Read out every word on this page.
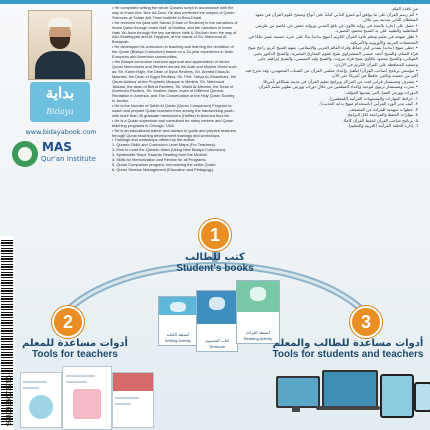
بداية
Bidaya
www.bidayabook.com
MAS
Qur'an Institute

• He completed writing the whole Quranic script in accordance with the way of Imam Abu 'Amr Ad-Dani. He also perfected the subject of Quran Sciences at Sultan Ath-Thani Institute in Beni-Dhaal.

• He received his ijaza with Sanad (Chain of Reciters) in the narrations of Imam Qalun through Imam Nafi' of Madina, and the narration of Imam Hafs 'An Asim through the two narrators Hafs & Shu'bah from the way of Ash-Shatibiyyah and At-Tayyibah, at the hands of Sh. Mahmoud Al Busayrah.

• He developed his curriculum in teaching and learning the recitation of the Quran (Bidaya Curriculum) based on a 15-year experience in Arab, European and American communities.

• His Bidaya curriculum received approval and appreciation of senior Quran Memorizers and Reciters across the Arab and Muslim World such as: Sh. Karim Rajih, the Dean of Syria Reciters, Sh. Ahmed Eissa Al-Masrawi, the Dean of Egypt Reciters, Sh. Prof. Yahya Al-Ghawthani, the Quran Advisor at the Prophetic Mosque in Medina, Sh. Mahmoud 'Akkawi, the dean of Beirut Reciters, Sh. Walid Al-Meneisi, the Dean of America's Reciters, Sh. Ibrahim Jaber, Imam of Different Quranic Recitation in America, and The Conservation of the Holy Quran Society in Jordan.

• He is the founder of Sahib Al Quran (Quran Companion) Program to coach and prepare Quran teachers from among the hardworking youth, with more than 35 graduate memorizers (Huffaz) in America thus far.

• He is a Quran supervisor and consultant for many centers and Quran teaching programs in Chicago, USA.

• He is an educational trainer and advisor to guide and prepare teachers through Quran teaching development trainings and workshops.

• Trainings and workshops offered by the author:

1. Quranic Skills and Curriculum Level Maps (For Teachers).

2. How to Lead the Quranic Ward (Using New Bidaya Curriculum).

3. Systematic Steps Towards Reading from the Mushaf.

4. Skills for Memorization and Review for all Programs.

5. Quran Companion program- memorizing the entire Quran.

6. Quran Session Management (Education and Pedagogy).

من نافذة القلم.

• أتم رسم القرآن على ما يوافق أبو عمرو الداني كتابةً على أنواع وصحح علوم القرآن في معهد السلطان الثاني بمدينة بني ملال.

• حصل على إجازة بالسند في رواية قالون عن نافع المدني ورواية حفص عن عاصم من طريقي الشاطبية والطيبة على يد الشيخ محمود البصيرة.

• طوّر منهجه في تعليم وتعلم تلاوة القرآن الكريم (منهج بداية) بناءً على خبرة خمسة عشر عامًا في المجتمعات العربية والأوروبية والأمريكية.

• حظي منهج (بداية) بتقدير كبار حفاظ وقراء العالم العربي والإسلامي، منهم الشيخ كريم راجح شيخ قراء الشام، والشيخ أحمد عيسى المعصراوي شيخ عموم المقارئ المصرية، والشيخ الدكتور يحيى الغوثاني، والشيخ محمود عكاوي شيخ قراء بيروت، والشيخ وليد المنيسي، والشيخ إبراهيم جابر، وجمعية المحافظة على القرآن الكريم في الأردن.

• مؤسس برنامج (صاحب القرآن) لتأهيل وإعداد معلمي القرآن من الشباب المجتهدين، وقد تخرج فيه أكثر من خمسة وثلاثين حافظًا في أمريكا حتى الآن.

• مشرف ومستشار قرآني لعدد من المراكز وبرامج تعليم القرآن في مدينة شيكاغو بأمريكا.

• مدرب ومستشار تربوي لتوجيه وإعداد المعلمين من خلال دورات وورش تطوير تعليم القرآن.

الدورات وورش العمل التي يقدمها المؤلف:

١. خرائط المهارات والمستويات القرآنية (للمعلمين).

٢. كيف تدير الورد القرآني (باستخدام منهج بداية الحديث).

٣. خطوات منهجية للقراءة من المصحف.

٤. مهارات الحفظ والمراجعة لكل البرامج.

٥. برنامج صاحب القرآن لحفظ القرآن كاملًا.

٦. إدارة الحلقة القرآنية (التربية والتعليم).

9780996673756
1
كتب للطالب
Student's books
أنشطة الكتابة
Writing Activity	كتاب المستوى
Textbook
أنشطة القراءة
Reading Activity
2
أدوات مساعدة للمعلم
Tools for teachers
3
أدوات مساعدة للطالب والمعلم
Tools for students and teachers
